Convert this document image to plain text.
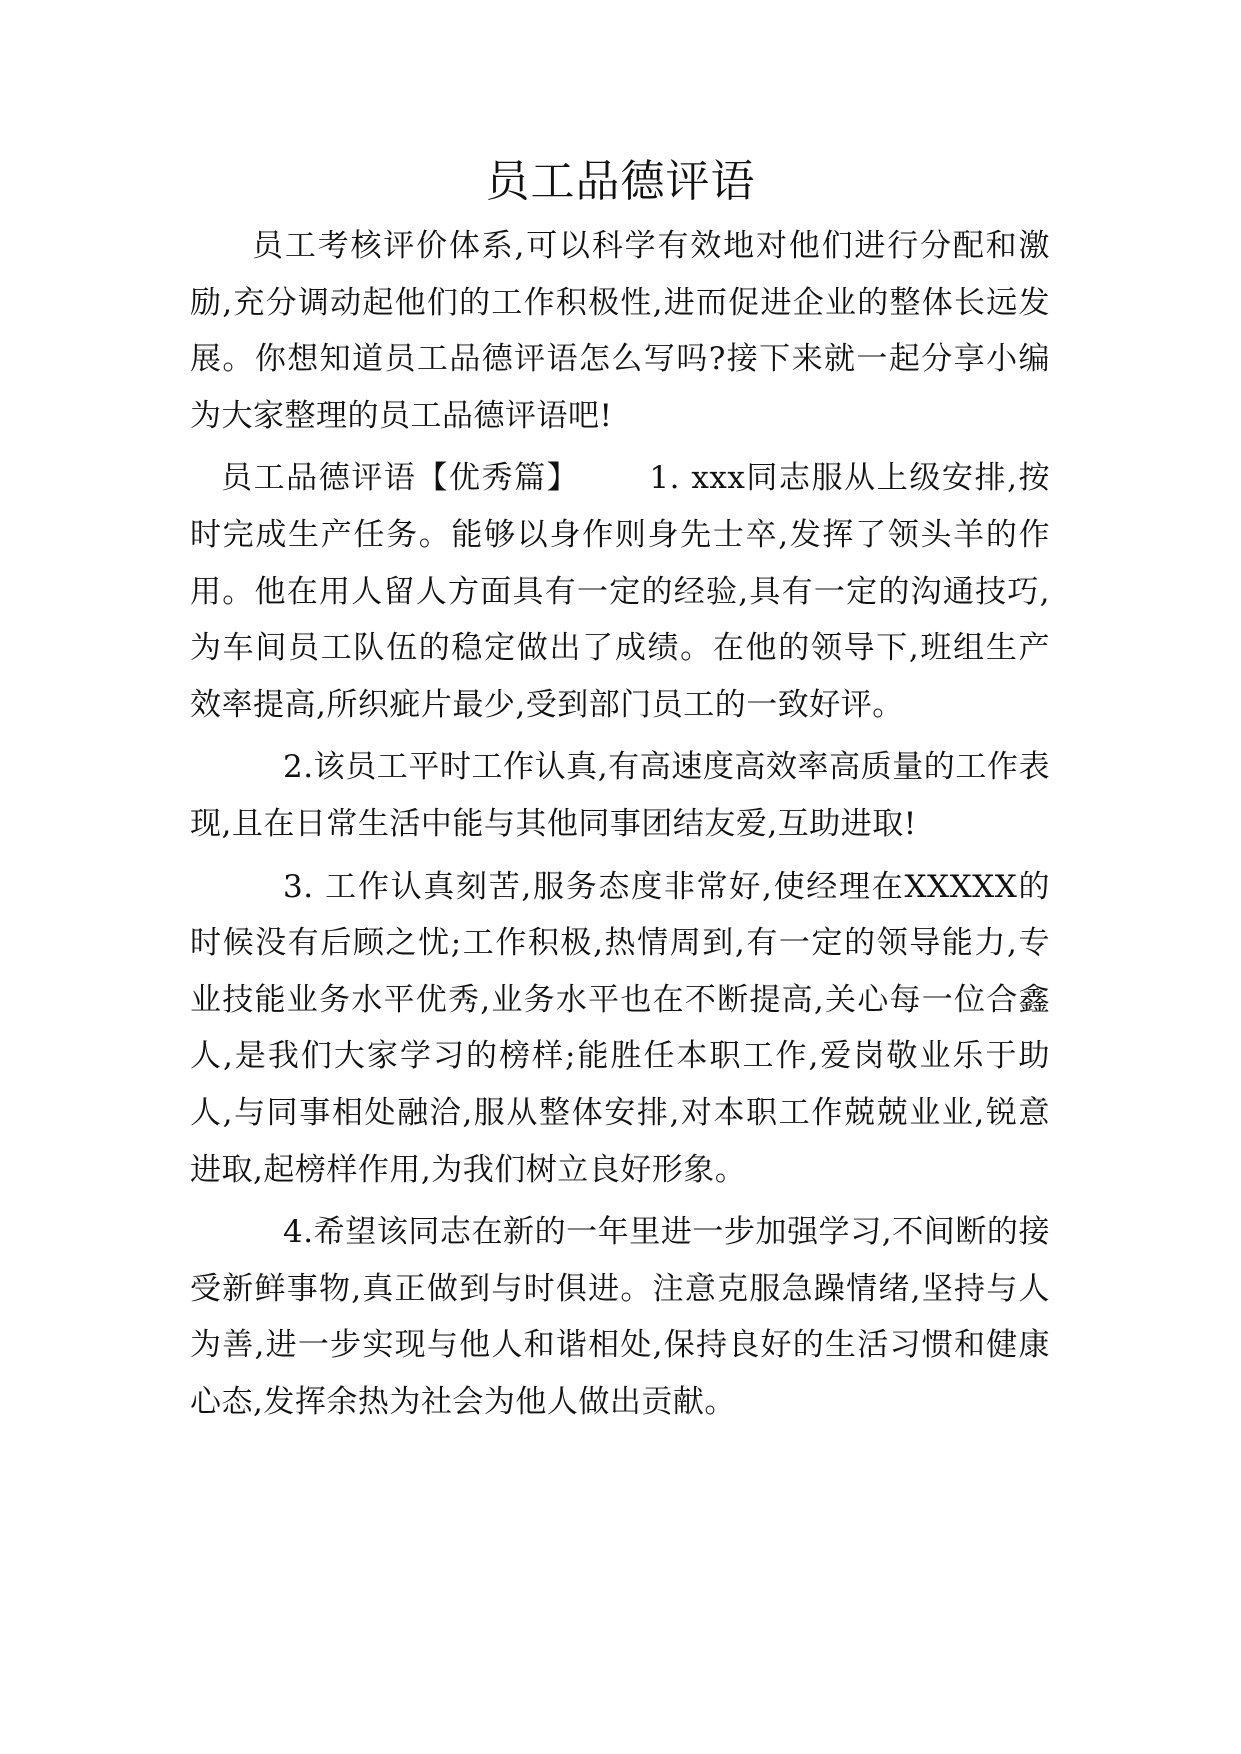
员工品德评语

员工考核评价体系,可以科学有效地对他们进行分配和激励,充分调动起他们的工作积极性,进而促进企业的整体长远发展。你想知道员工品德评语怎么写吗?接下来就一起分享小编为大家整理的员工品德评语吧!

员工品德评语【优秀篇】 1. xxx同志服从上级安排,按时完成生产任务。能够以身作则身先士卒,发挥了领头羊的作用。他在用人留人方面具有一定的经验,具有一定的沟通技巧,为车间员工队伍的稳定做出了成绩。在他的领导下,班组生产效率提高,所织疵片最少,受到部门员工的一致好评。

2.该员工平时工作认真,有高速度高效率高质量的工作表现,且在日常生活中能与其他同事团结友爱,互助进取!

3. 工作认真刻苦,服务态度非常好,使经理在XXXXX的时候没有后顾之忧;工作积极,热情周到,有一定的领导能力,专业技能业务水平优秀,业务水平也在不断提高,关心每一位合鑫人,是我们大家学习的榜样;能胜任本职工作,爱岗敬业乐于助人,与同事相处融洽,服从整体安排,对本职工作兢兢业业,锐意进取,起榜样作用,为我们树立良好形象。

4.希望该同志在新的一年里进一步加强学习,不间断的接受新鲜事物,真正做到与时俱进。注意克服急躁情绪,坚持与人为善,进一步实现与他人和谐相处,保持良好的生活习惯和健康心态,发挥余热为社会为他人做出贡献。
